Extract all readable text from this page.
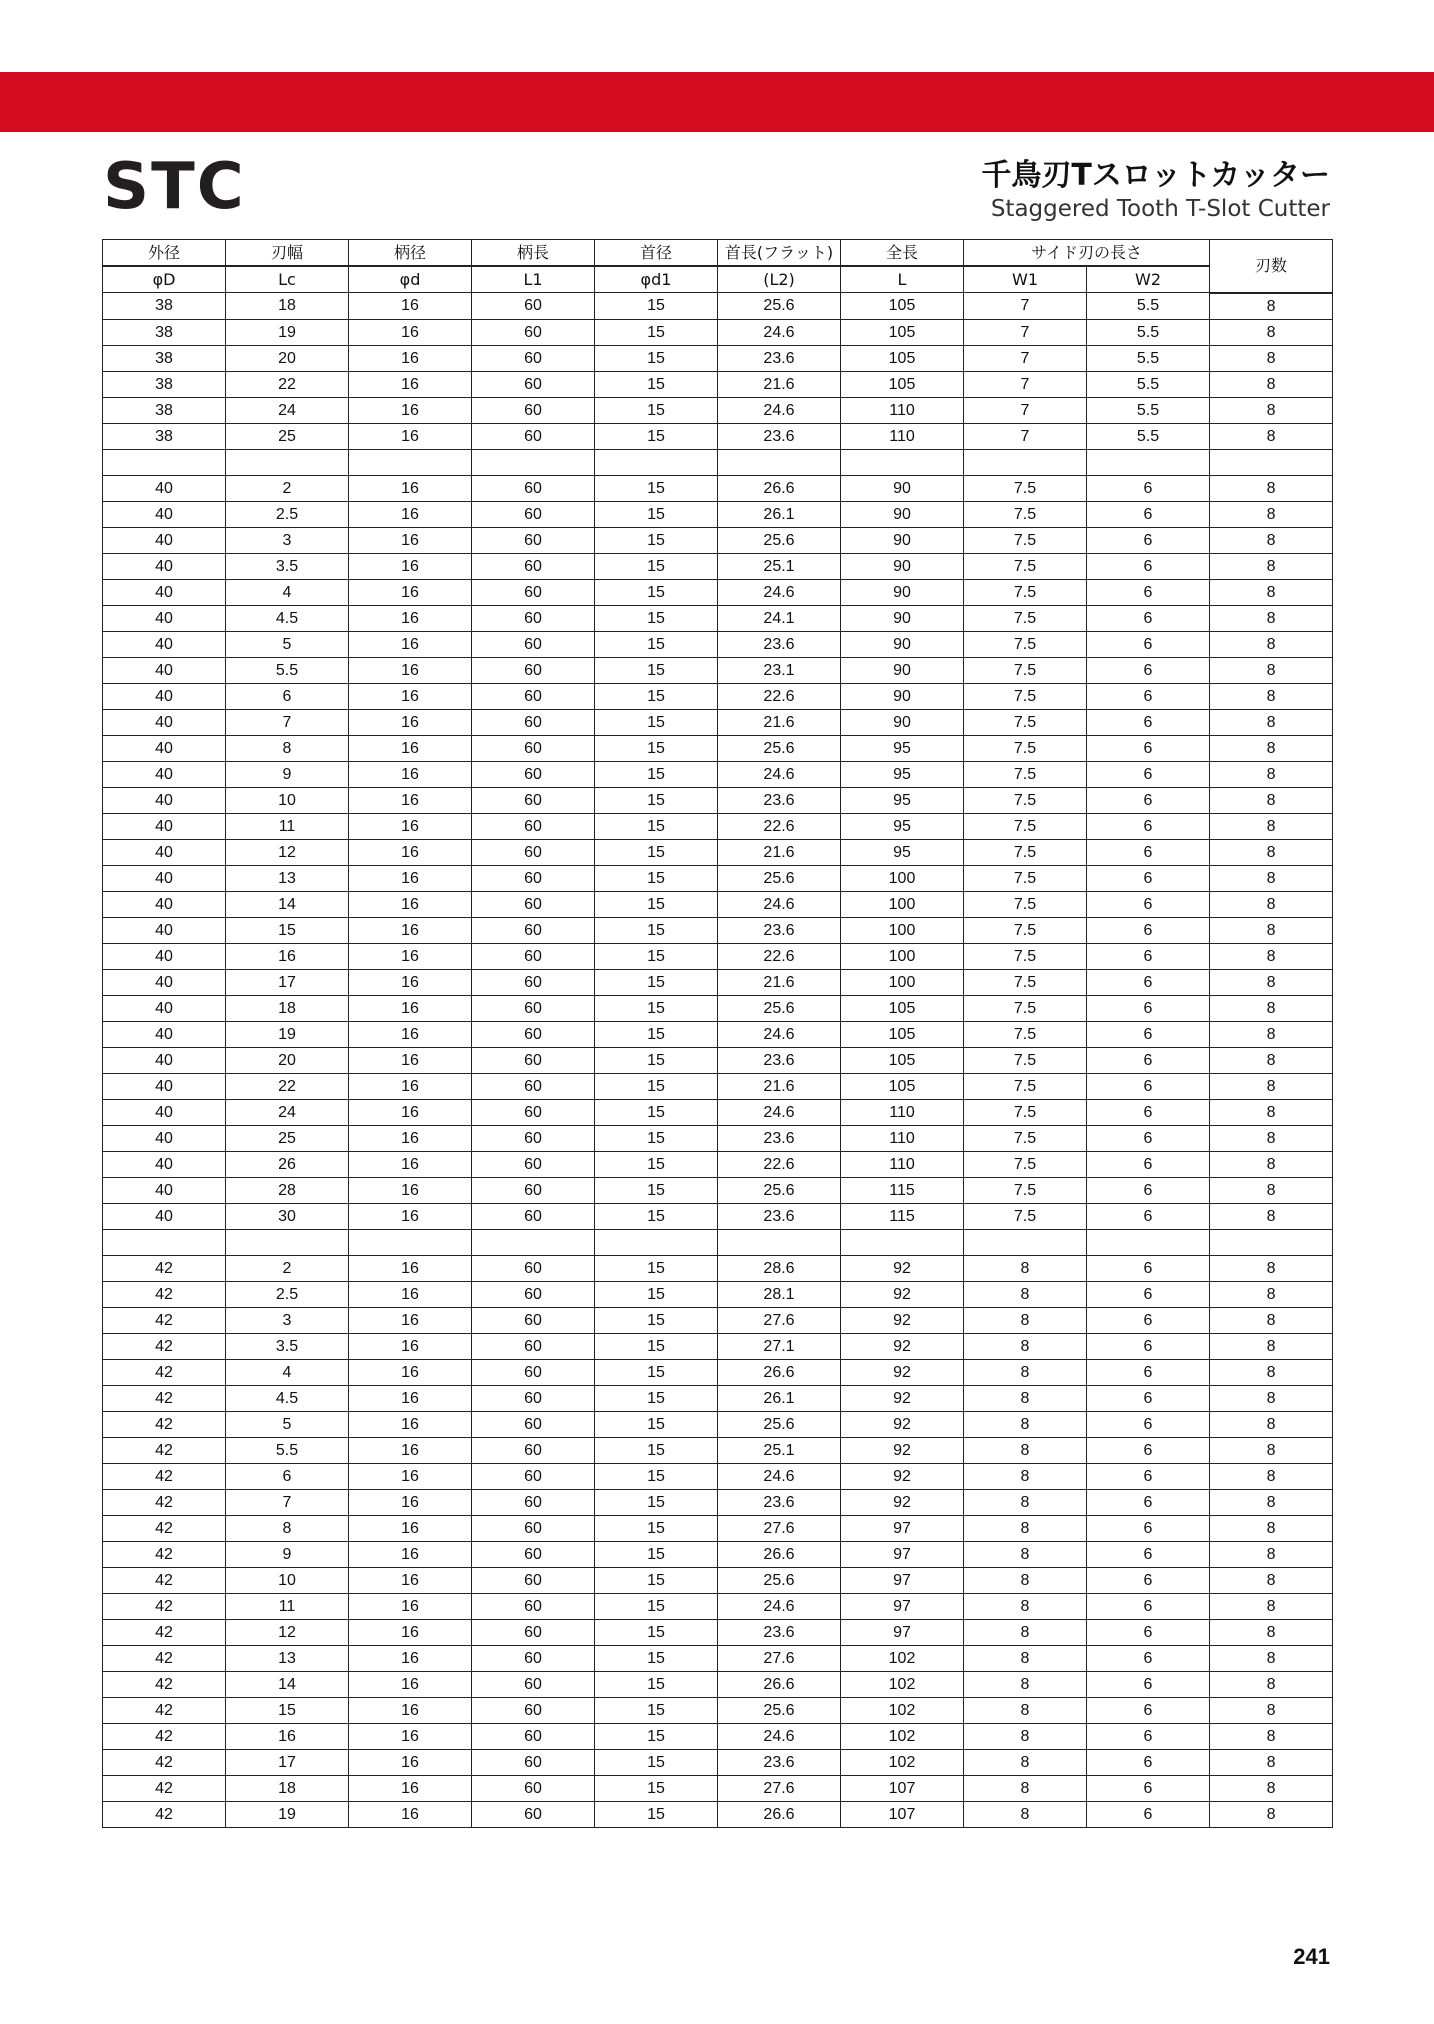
STC	千鳥刃Tスロットカッター
Staggered Tooth T-Slot Cutter
外径	刃幅	柄径	柄長	首径	首長(フラット)	全長	サイド刃の長さ		刃数
φD	Lc	φd	L1	φd1	(L2)	L	W1	W2	
38	18	16	60	15	25.6	105	7	5.5	8
38	19	16	60	15	24.6	105	7	5.5	8
38	20	16	60	15	23.6	105	7	5.5	8
38	22	16	60	15	21.6	105	7	5.5	8
38	24	16	60	15	24.6	110	7	5.5	8
38	25	16	60	15	23.6	110	7	5.5	8

40	2	16	60	15	26.6	90	7.5	6	8
40	2.5	16	60	15	26.1	90	7.5	6	8
40	3	16	60	15	25.6	90	7.5	6	8
40	3.5	16	60	15	25.1	90	7.5	6	8
40	4	16	60	15	24.6	90	7.5	6	8
40	4.5	16	60	15	24.1	90	7.5	6	8
40	5	16	60	15	23.6	90	7.5	6	8
40	5.5	16	60	15	23.1	90	7.5	6	8
40	6	16	60	15	22.6	90	7.5	6	8
40	7	16	60	15	21.6	90	7.5	6	8
40	8	16	60	15	25.6	95	7.5	6	8
40	9	16	60	15	24.6	95	7.5	6	8
40	10	16	60	15	23.6	95	7.5	6	8
40	11	16	60	15	22.6	95	7.5	6	8
40	12	16	60	15	21.6	95	7.5	6	8
40	13	16	60	15	25.6	100	7.5	6	8
40	14	16	60	15	24.6	100	7.5	6	8
40	15	16	60	15	23.6	100	7.5	6	8
40	16	16	60	15	22.6	100	7.5	6	8
40	17	16	60	15	21.6	100	7.5	6	8
40	18	16	60	15	25.6	105	7.5	6	8
40	19	16	60	15	24.6	105	7.5	6	8
40	20	16	60	15	23.6	105	7.5	6	8
40	22	16	60	15	21.6	105	7.5	6	8
40	24	16	60	15	24.6	110	7.5	6	8
40	25	16	60	15	23.6	110	7.5	6	8
40	26	16	60	15	22.6	110	7.5	6	8
40	28	16	60	15	25.6	115	7.5	6	8
40	30	16	60	15	23.6	115	7.5	6	8

42	2	16	60	15	28.6	92	8	6	8
42	2.5	16	60	15	28.1	92	8	6	8
42	3	16	60	15	27.6	92	8	6	8
42	3.5	16	60	15	27.1	92	8	6	8
42	4	16	60	15	26.6	92	8	6	8
42	4.5	16	60	15	26.1	92	8	6	8
42	5	16	60	15	25.6	92	8	6	8
42	5.5	16	60	15	25.1	92	8	6	8
42	6	16	60	15	24.6	92	8	6	8
42	7	16	60	15	23.6	92	8	6	8
42	8	16	60	15	27.6	97	8	6	8
42	9	16	60	15	26.6	97	8	6	8
42	10	16	60	15	25.6	97	8	6	8
42	11	16	60	15	24.6	97	8	6	8
42	12	16	60	15	23.6	97	8	6	8
42	13	16	60	15	27.6	102	8	6	8
42	14	16	60	15	26.6	102	8	6	8
42	15	16	60	15	25.6	102	8	6	8
42	16	16	60	15	24.6	102	8	6	8
42	17	16	60	15	23.6	102	8	6	8
42	18	16	60	15	27.6	107	8	6	8
42	19	16	60	15	26.6	107	8	6	8
241
